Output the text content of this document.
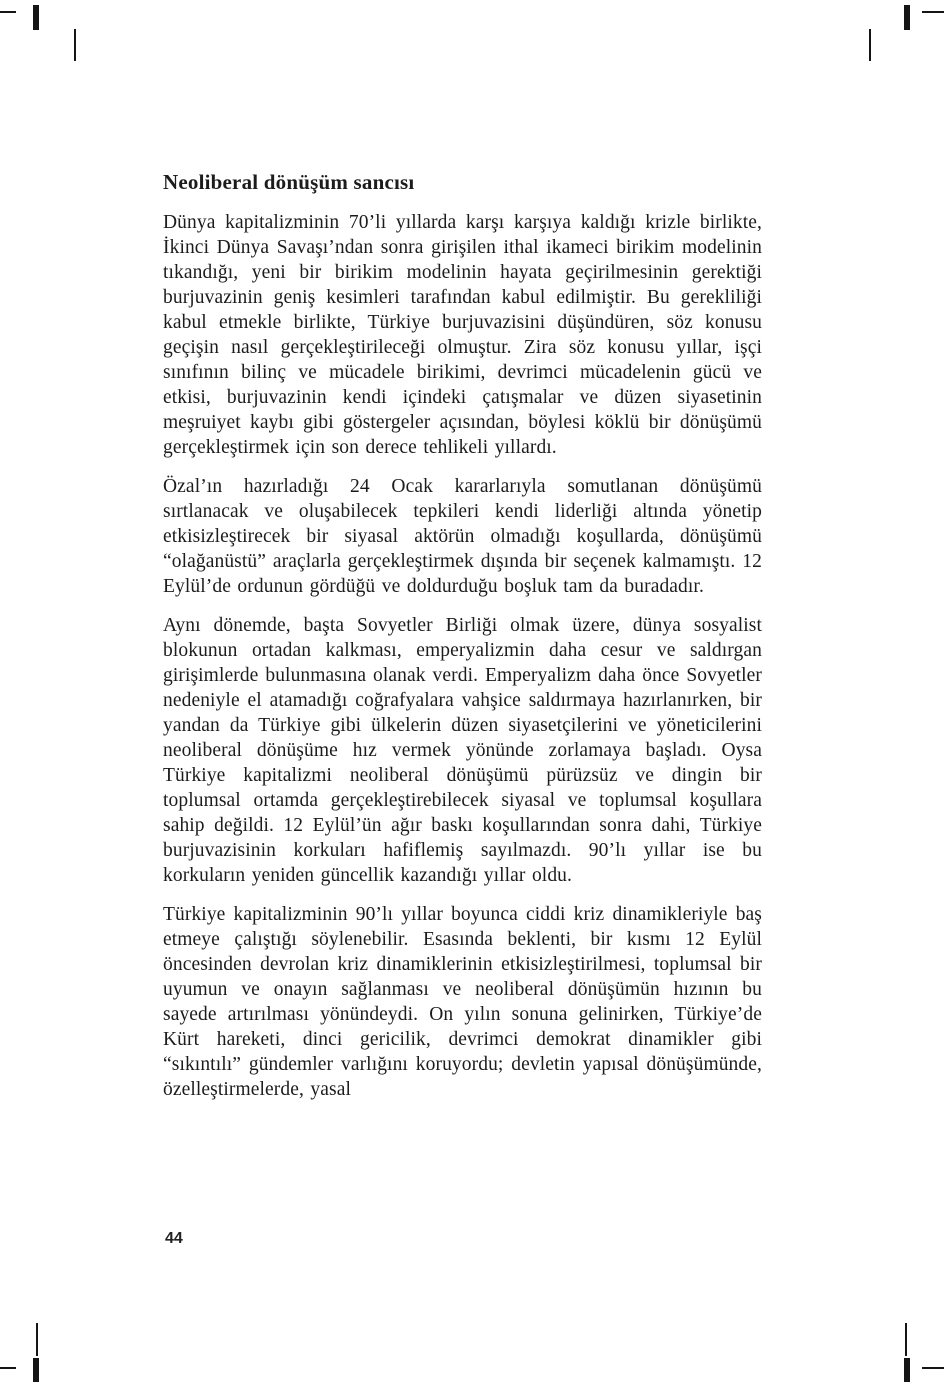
Neoliberal dönüşüm sancısı

Dünya kapitalizminin 70’li yıllarda karşı karşıya kaldığı krizle birlikte, İkinci Dünya Savaşı’ndan sonra girişilen ithal ikameci birikim modelinin tıkandığı, yeni bir birikim modelinin hayata geçirilmesinin gerektiği burjuvazinin geniş kesimleri tarafından kabul edilmiştir. Bu gerekliliği kabul etmekle birlikte, Türkiye burjuvazisini düşündüren, söz konusu geçişin nasıl gerçekleştirileceği olmuştur. Zira söz konusu yıllar, işçi sınıfının bilinç ve mücadele birikimi, devrimci mücadelenin gücü ve etkisi, burjuvazinin kendi içindeki çatışmalar ve düzen siyasetinin meşruiyet kaybı gibi göstergeler açısından, böylesi köklü bir dönüşümü gerçekleştirmek için son derece tehlikeli yıllardı.

Özal’ın hazırladığı 24 Ocak kararlarıyla somutlanan dönüşümü sırtlanacak ve oluşabilecek tepkileri kendi liderliği altında yönetip etkisizleştirecek bir siyasal aktörün olmadığı koşullarda, dönüşümü “olağanüstü” araçlarla gerçekleştirmek dışında bir seçenek kalmamıştı. 12 Eylül’de ordunun gördüğü ve doldurduğu boşluk tam da buradadır.

Aynı dönemde, başta Sovyetler Birliği olmak üzere, dünya sosyalist blokunun ortadan kalkması, emperyalizmin daha cesur ve saldırgan girişimlerde bulunmasına olanak verdi. Emperyalizm daha önce Sovyetler nedeniyle el atamadığı coğrafyalara vahşice saldırmaya hazırlanırken, bir yandan da Türkiye gibi ülkelerin düzen siyasetçilerini ve yöneticilerini neoliberal dönüşüme hız vermek yönünde zorlamaya başladı. Oysa Türkiye kapitalizmi neoliberal dönüşümü pürüzsüz ve dingin bir toplumsal ortamda gerçekleştirebilecek siyasal ve toplumsal koşullara sahip değildi. 12 Eylül’ün ağır baskı koşullarından sonra dahi, Türkiye burjuvazisinin korkuları hafiflemiş sayılmazdı. 90’lı yıllar ise bu korkuların yeniden güncellik kazandığı yıllar oldu.

Türkiye kapitalizminin 90’lı yıllar boyunca ciddi kriz dinamikleriyle baş etmeye çalıştığı söylenebilir. Esasında beklenti, bir kısmı 12 Eylül öncesinden devrolan kriz dinamiklerinin etkisizleştirilmesi, toplumsal bir uyumun ve onayın sağlanması ve neoliberal dönüşümün hızının bu sayede artırılması yönündeydi. On yılın sonuna gelinirken, Türkiye’de Kürt hareketi, dinci gericilik, devrimci demokrat dinamikler gibi “sıkıntılı” gündemler varlığını koruyordu; devletin yapısal dönüşümünde, özelleştirmelerde, yasal

44
